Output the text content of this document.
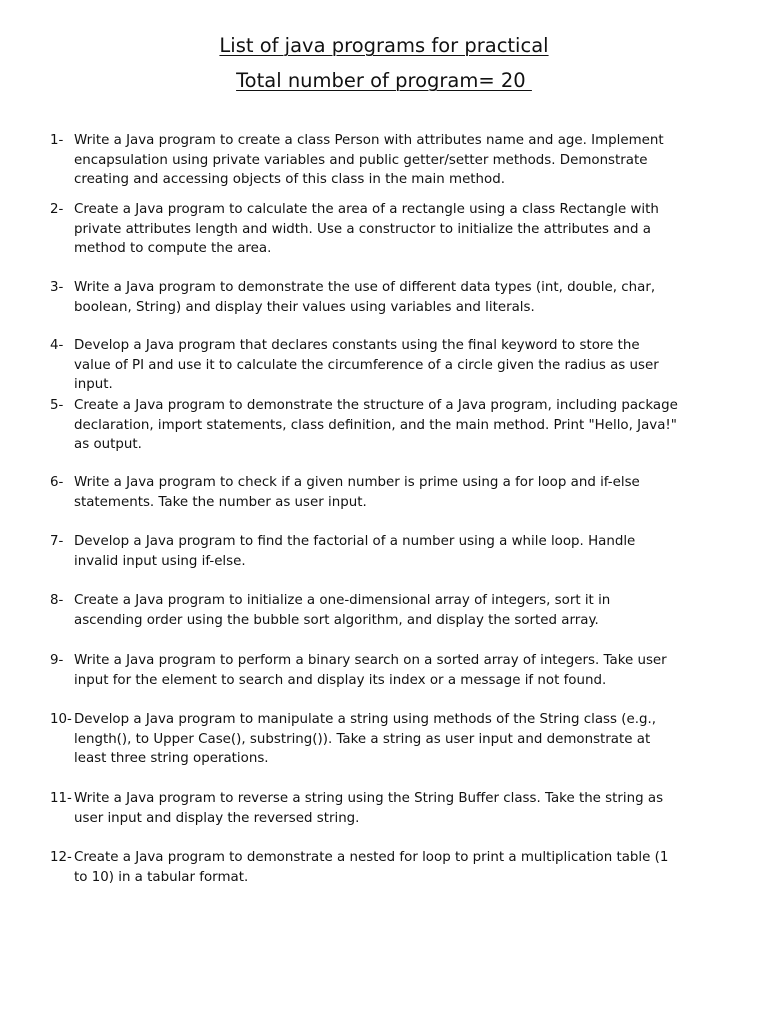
List of java programs for practical
Total number of program= 20
1- Write a Java program to create a class Person with attributes name and age. Implement encapsulation using private variables and public getter/setter methods. Demonstrate creating and accessing objects of this class in the main method.
2- Create a Java program to calculate the area of a rectangle using a class Rectangle with private attributes length and width. Use a constructor to initialize the attributes and a method to compute the area.
3- Write a Java program to demonstrate the use of different data types (int, double, char, boolean, String) and display their values using variables and literals.
4- Develop a Java program that declares constants using the final keyword to store the value of PI and use it to calculate the circumference of a circle given the radius as user input.
5- Create a Java program to demonstrate the structure of a Java program, including package declaration, import statements, class definition, and the main method. Print "Hello, Java!" as output.
6- Write a Java program to check if a given number is prime using a for loop and if-else statements. Take the number as user input.
7- Develop a Java program to find the factorial of a number using a while loop. Handle invalid input using if-else.
8- Create a Java program to initialize a one-dimensional array of integers, sort it in ascending order using the bubble sort algorithm, and display the sorted array.
9- Write a Java program to perform a binary search on a sorted array of integers. Take user input for the element to search and display its index or a message if not found.
10- Develop a Java program to manipulate a string using methods of the String class (e.g., length(), to Upper Case(), substring()). Take a string as user input and demonstrate at least three string operations.
11- Write a Java program to reverse a string using the String Buffer class. Take the string as user input and display the reversed string.
12- Create a Java program to demonstrate a nested for loop to print a multiplication table (1 to 10) in a tabular format.
